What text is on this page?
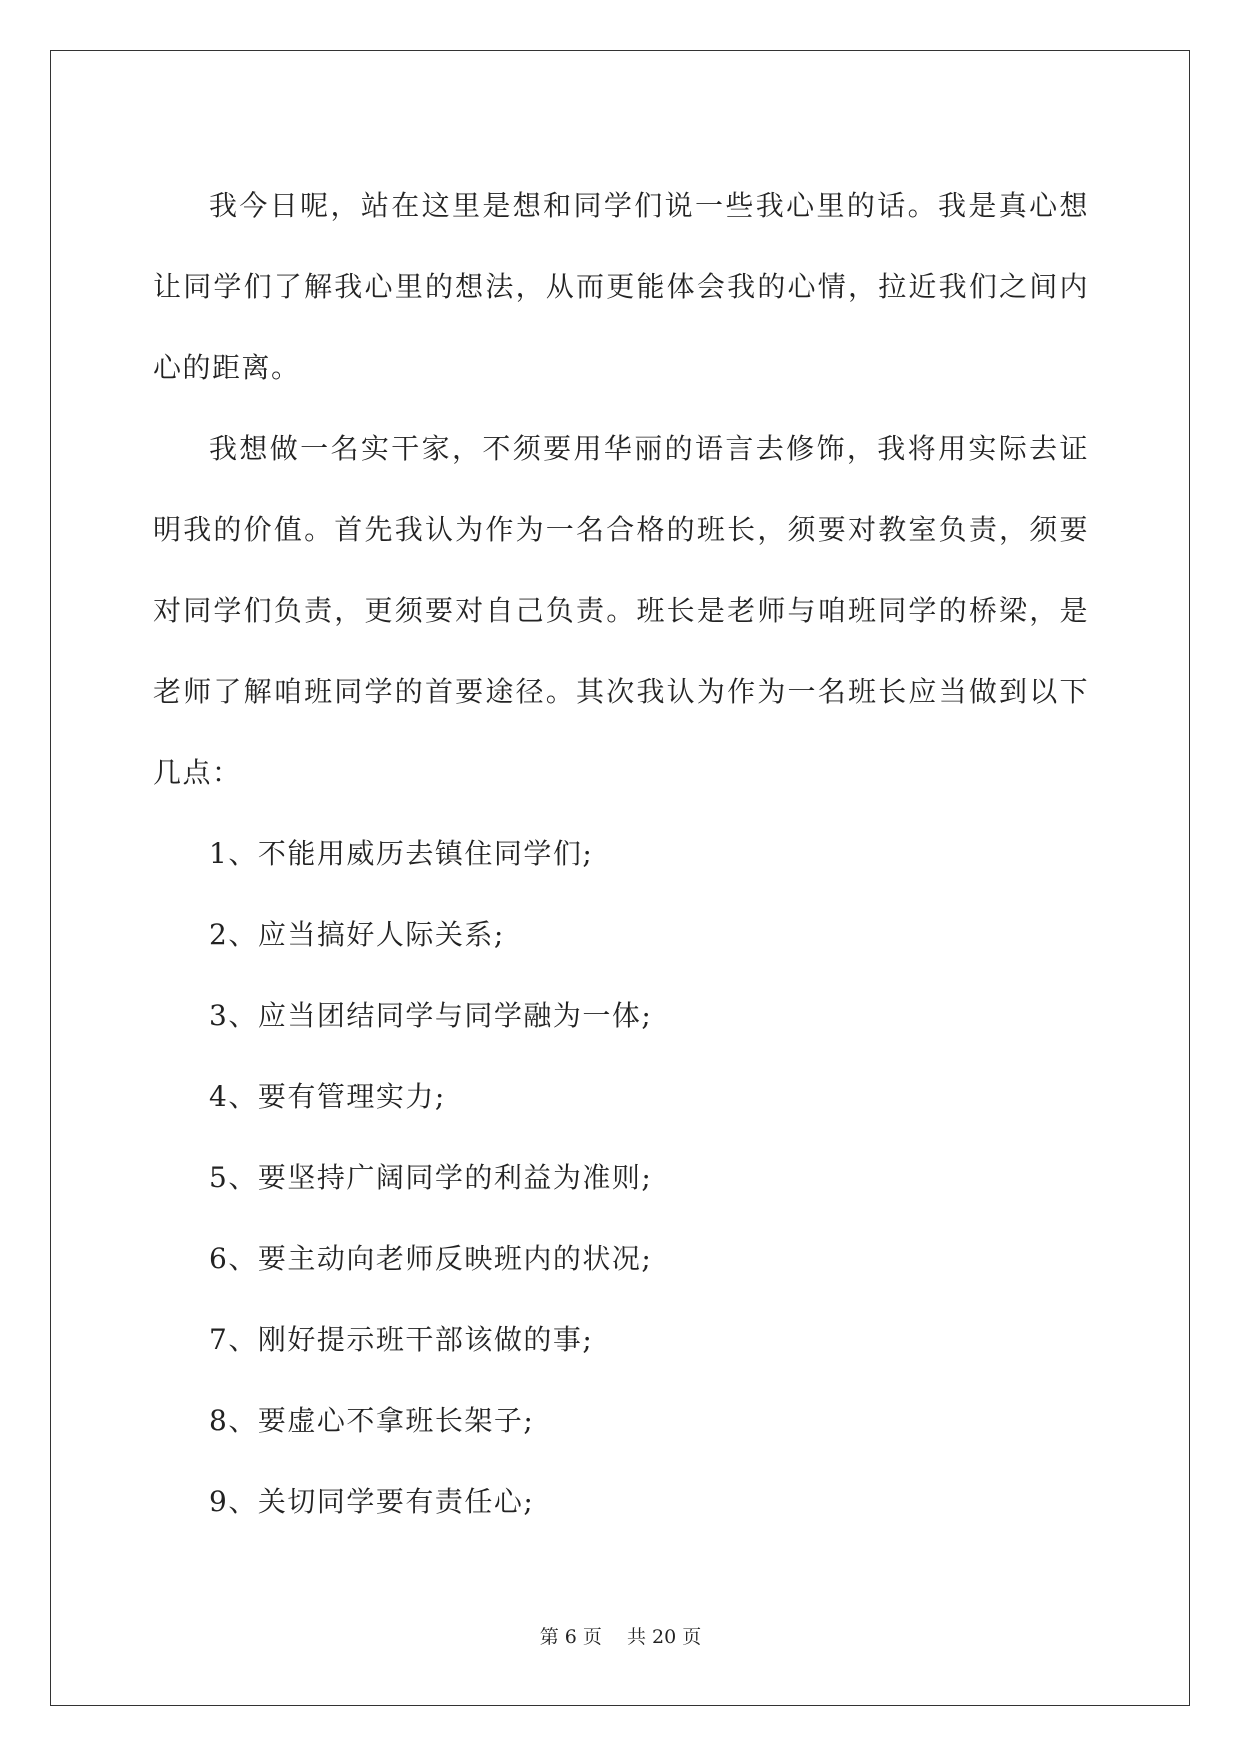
我今日呢，站在这里是想和同学们说一些我心里的话。我是真心想让同学们了解我心里的想法，从而更能体会我的心情，拉近我们之间内心的距离。

我想做一名实干家，不须要用华丽的语言去修饰，我将用实际去证明我的价值。首先我认为作为一名合格的班长，须要对教室负责，须要对同学们负责，更须要对自己负责。班长是老师与咱班同学的桥梁，是老师了解咱班同学的首要途径。其次我认为作为一名班长应当做到以下几点：

1、不能用威历去镇住同学们;

2、应当搞好人际关系;

3、应当团结同学与同学融为一体;

4、要有管理实力;

5、要坚持广阔同学的利益为准则;

6、要主动向老师反映班内的状况;

7、刚好提示班干部该做的事;

8、要虚心不拿班长架子;

9、关切同学要有责任心;

第 6 页　 共 20 页
